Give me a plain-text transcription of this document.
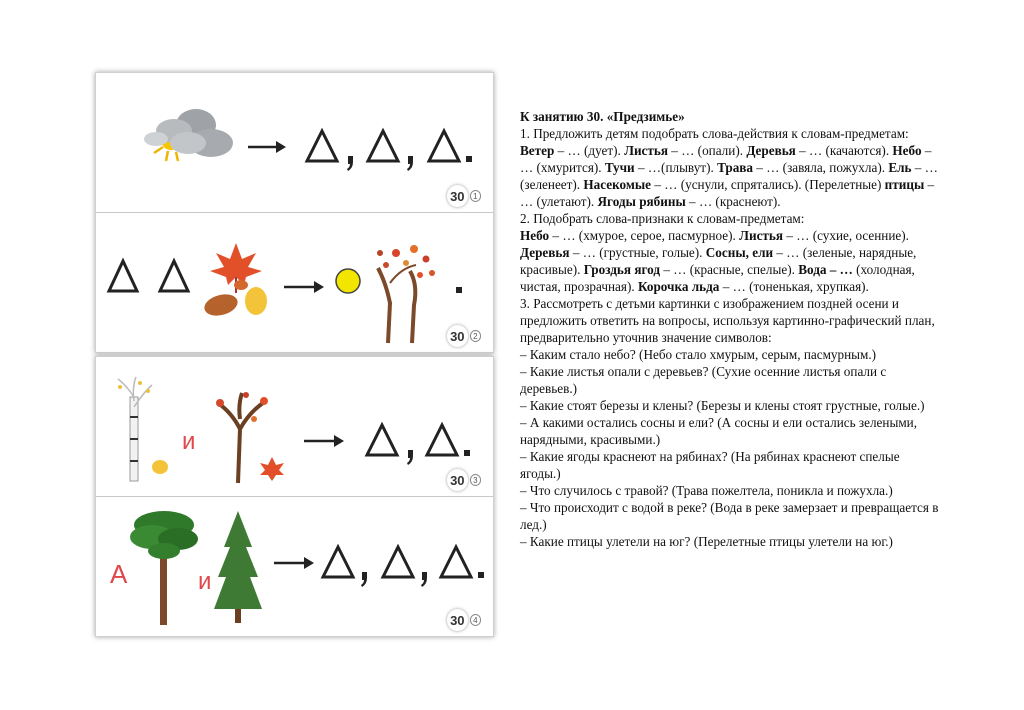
30	1
30	2
и
30	3
А	и
30	4

К занятию 30. «Предзимье»

1. Предложить детям подобрать слова-действия к словам-предметам:

Ветер – … (дует). Листья – … (опали). Деревья – … (качаются). Небо – … (хмурится). Тучи – …(плывут). Трава – … (завяла, пожухла). Ель – … (зеленеет). Насекомые – … (уснули, спрятались). (Перелетные) птицы – … (улетают). Ягоды рябины – … (краснеют).

2. Подобрать слова-признаки к словам-предметам:

Небо – … (хмурое, серое, пасмурное). Листья – … (сухие, осенние). Деревья – … (грустные, голые). Сосны, ели – … (зеленые, нарядные, красивые). Гроздья ягод – … (красные, спелые). Вода – … (холодная, чистая, прозрачная). Корочка льда – … (тоненькая, хрупкая).

3. Рассмотреть с детьми картинки с изображением поздней осени и предложить ответить на вопросы, используя картинно-графический план, предварительно уточнив значение символов:

– Каким стало небо? (Небо стало хмурым, серым, пасмурным.)

– Какие листья опали с деревьев? (Сухие осенние листья опали с деревьев.)

– Какие стоят березы и клены? (Березы и клены стоят грустные, голые.)

– А какими остались сосны и ели? (А сосны и ели остались зелеными, нарядными, красивыми.)

– Какие ягоды краснеют на рябинах? (На рябинах краснеют спелые ягоды.)

– Что случилось с травой? (Трава пожелтела, поникла и пожухла.)

– Что происходит с водой в реке? (Вода в реке замерзает и превращается в лед.)

– Какие птицы улетели на юг? (Перелетные птицы улетели на юг.)
